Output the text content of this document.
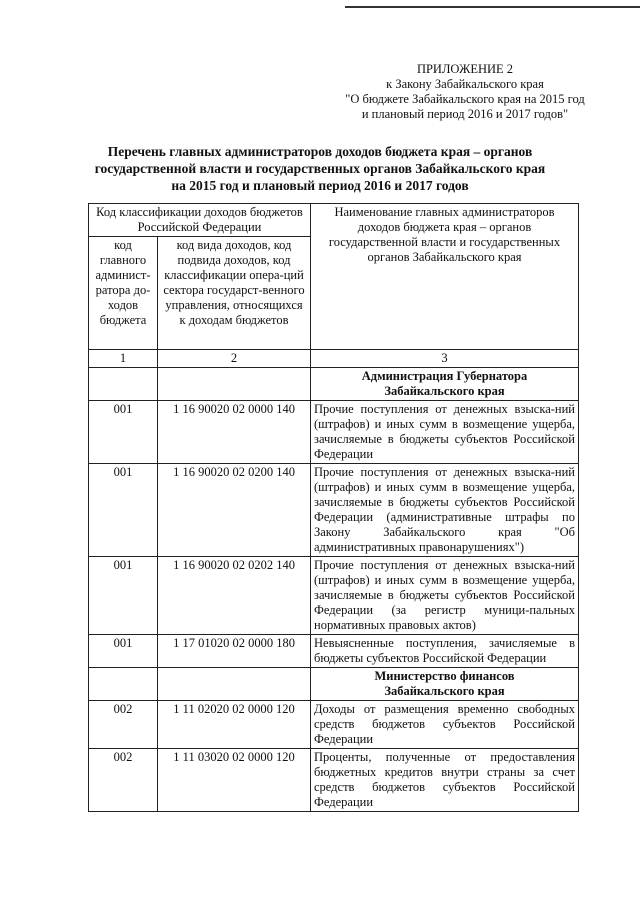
ПРИЛОЖЕНИЕ 2
к Закону Забайкальского края
"О бюджете Забайкальского края на 2015 год
и плановый период 2016 и 2017 годов"
Перечень главных администраторов доходов бюджета края – органов
государственной власти и государственных органов Забайкальского края
на 2015 год и плановый период 2016 и 2017 годов
Код классификации доходов бюджетов Российской Федерации		Наименование главных администраторов доходов бюджета края – органов государственной власти и государственных органов Забайкальского края

код главного админист-ратора до-ходов бюджета	код вида доходов, код подвида доходов, код классификации опера-ций сектора государст-венного управления, относящихся к доходам бюджетов	
1	2	3
		Администрация Губернатора Забайкальского края
001	1 16 90020 02 0000 140	Прочие поступления от денежных взыска-ний (штрафов) и иных сумм в возмещение ущерба, зачисляемые в бюджеты субъектов Российской Федерации
001	1 16 90020 02 0200 140	Прочие поступления от денежных взыска-ний (штрафов) и иных сумм в возмещение ущерба, зачисляемые в бюджеты субъектов Российской Федерации (административные штрафы по Закону Забайкальского края "Об административных правонарушениях")
001	1 16 90020 02 0202 140	Прочие поступления от денежных взыска-ний (штрафов) и иных сумм в возмещение ущерба, зачисляемые в бюджеты субъектов Российской Федерации (за регистр муници-пальных нормативных правовых актов)
001	1 17 01020 02 0000 180	Невыясненные поступления, зачисляемые в бюджеты субъектов Российской Федерации
		Министерство финансов Забайкальского края
002	1 11 02020 02 0000 120	Доходы от размещения временно свободных средств бюджетов субъектов Российской Федерации
002	1 11 03020 02 0000 120	Проценты, полученные от предоставления бюджетных кредитов внутри страны за счет средств бюджетов субъектов Российской Федерации
